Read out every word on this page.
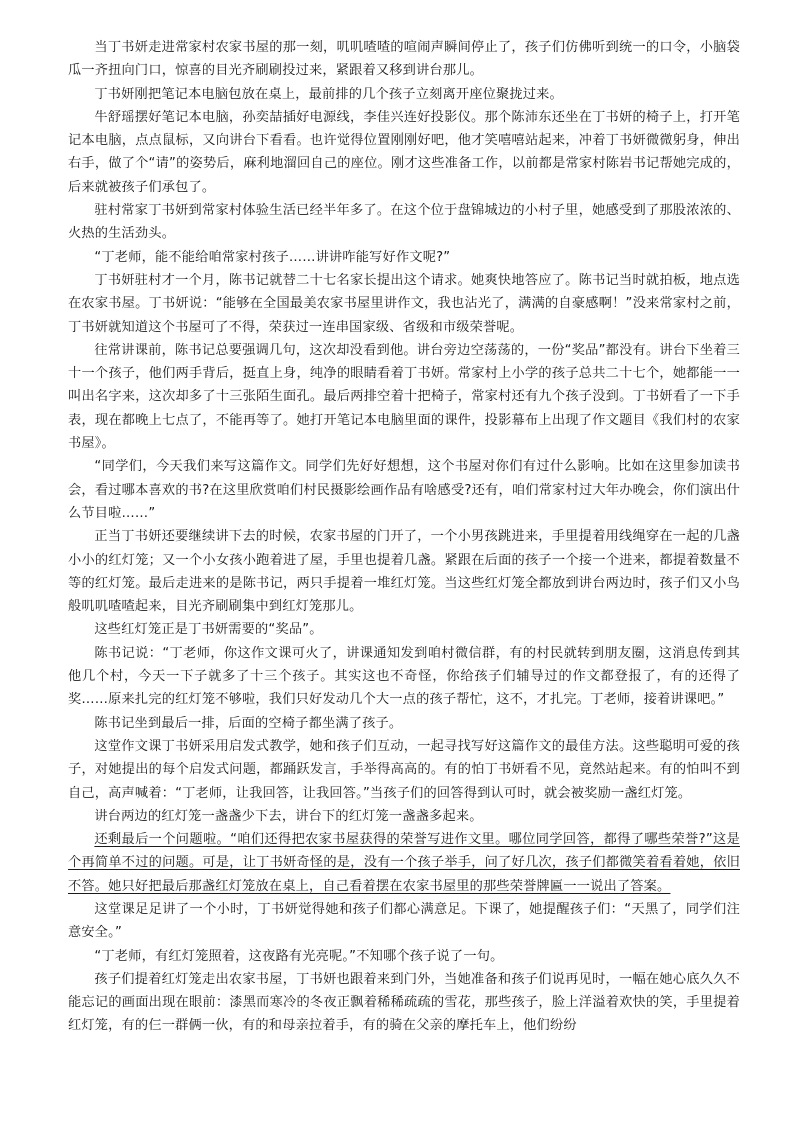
当丁书妍走进常家村农家书屋的那一刻，叽叽喳喳的喧闹声瞬间停止了，孩子们仿佛听到统一的口令，小脑袋瓜一齐扭向门口，惊喜的目光齐刷刷投过来，紧跟着又移到讲台那儿。

丁书妍刚把笔记本电脑包放在桌上，最前排的几个孩子立刻离开座位聚拢过来。

牛舒瑶摆好笔记本电脑，孙奕喆插好电源线，李佳兴连好投影仪。那个陈沛东还坐在丁书妍的椅子上，打开笔记本电脑，点点鼠标，又向讲台下看看。也许觉得位置刚刚好吧，他才笑嘻嘻站起来，冲着丁书妍微微躬身，伸出右手，做了个“请”的姿势后，麻利地溜回自己的座位。刚才这些准备工作，以前都是常家村陈岩书记帮她完成的，后来就被孩子们承包了。

驻村常家丁书妍到常家村体验生活已经半年多了。在这个位于盘锦城边的小村子里，她感受到了那股浓浓的、火热的生活劲头。

“丁老师，能不能给咱常家村孩子……讲讲咋能写好作文呢?”

丁书妍驻村才一个月，陈书记就替二十七名家长提出这个请求。她爽快地答应了。陈书记当时就拍板，地点选在农家书屋。丁书妍说：“能够在全国最美农家书屋里讲作文，我也沾光了，满满的自豪感啊！”没来常家村之前，丁书妍就知道这个书屋可了不得，荣获过一连串国家级、省级和市级荣誉呢。

往常讲课前，陈书记总要强调几句，这次却没看到他。讲台旁边空荡荡的，一份“奖品”都没有。讲台下坐着三十一个孩子，他们两手背后，挺直上身，纯净的眼睛看着丁书妍。常家村上小学的孩子总共二十七个，她都能一一叫出名字来，这次却多了十三张陌生面孔。最后两排空着十把椅子，常家村还有九个孩子没到。丁书妍看了一下手表，现在都晚上七点了，不能再等了。她打开笔记本电脑里面的课件，投影幕布上出现了作文题目《我们村的农家书屋》。

“同学们，今天我们来写这篇作文。同学们先好好想想，这个书屋对你们有过什么影响。比如在这里参加读书会，看过哪本喜欢的书?在这里欣赏咱们村民摄影绘画作品有啥感受?还有，咱们常家村过大年办晚会，你们演出什么节目啦……”

正当丁书妍还要继续讲下去的时候，农家书屋的门开了，一个小男孩跳进来，手里提着用线绳穿在一起的几盏小小的红灯笼；又一个小女孩小跑着进了屋，手里也提着几盏。紧跟在后面的孩子一个接一个进来，都提着数量不等的红灯笼。最后走进来的是陈书记，两只手提着一堆红灯笼。当这些红灯笼全都放到讲台两边时，孩子们又小鸟般叽叽喳喳起来，目光齐刷刷集中到红灯笼那儿。

这些红灯笼正是丁书妍需要的“奖品”。

陈书记说：“丁老师，你这作文课可火了，讲课通知发到咱村微信群，有的村民就转到朋友圈，这消息传到其他几个村，今天一下子就多了十三个孩子。其实这也不奇怪，你给孩子们辅导过的作文都登报了，有的还得了奖……原来扎完的红灯笼不够啦，我们只好发动几个大一点的孩子帮忙，这不，才扎完。丁老师，接着讲课吧。”

陈书记坐到最后一排，后面的空椅子都坐满了孩子。

这堂作文课丁书妍采用启发式教学，她和孩子们互动，一起寻找写好这篇作文的最佳方法。这些聪明可爱的孩子，对她提出的每个启发式问题，都踊跃发言，手举得高高的。有的怕丁书妍看不见，竟然站起来。有的怕叫不到自己，高声喊着：“丁老师，让我回答，让我回答。”当孩子们的回答得到认可时，就会被奖励一盏红灯笼。

讲台两边的红灯笼一盏盏少下去，讲台下的红灯笼一盏盏多起来。

还剩最后一个问题啦。“咱们还得把农家书屋获得的荣誉写进作文里。哪位同学回答，都得了哪些荣誉?”这是个再简单不过的问题。可是，让丁书妍奇怪的是，没有一个孩子举手，问了好几次，孩子们都微笑着看着她，依旧不答。她只好把最后那盏红灯笼放在桌上，自己看着摆在农家书屋里的那些荣誉牌匾一一说出了答案。

这堂课足足讲了一个小时，丁书妍觉得她和孩子们都心满意足。下课了，她提醒孩子们：“天黑了，同学们注意安全。”

“丁老师，有红灯笼照着，这夜路有光亮呢。”不知哪个孩子说了一句。

孩子们提着红灯笼走出农家书屋，丁书妍也跟着来到门外，当她准备和孩子们说再见时，一幅在她心底久久不能忘记的画面出现在眼前：漆黑而寒冷的冬夜正飘着稀稀疏疏的雪花，那些孩子，脸上洋溢着欢快的笑，手里提着红灯笼，有的仨一群俩一伙，有的和母亲拉着手，有的骑在父亲的摩托车上，他们纷纷
